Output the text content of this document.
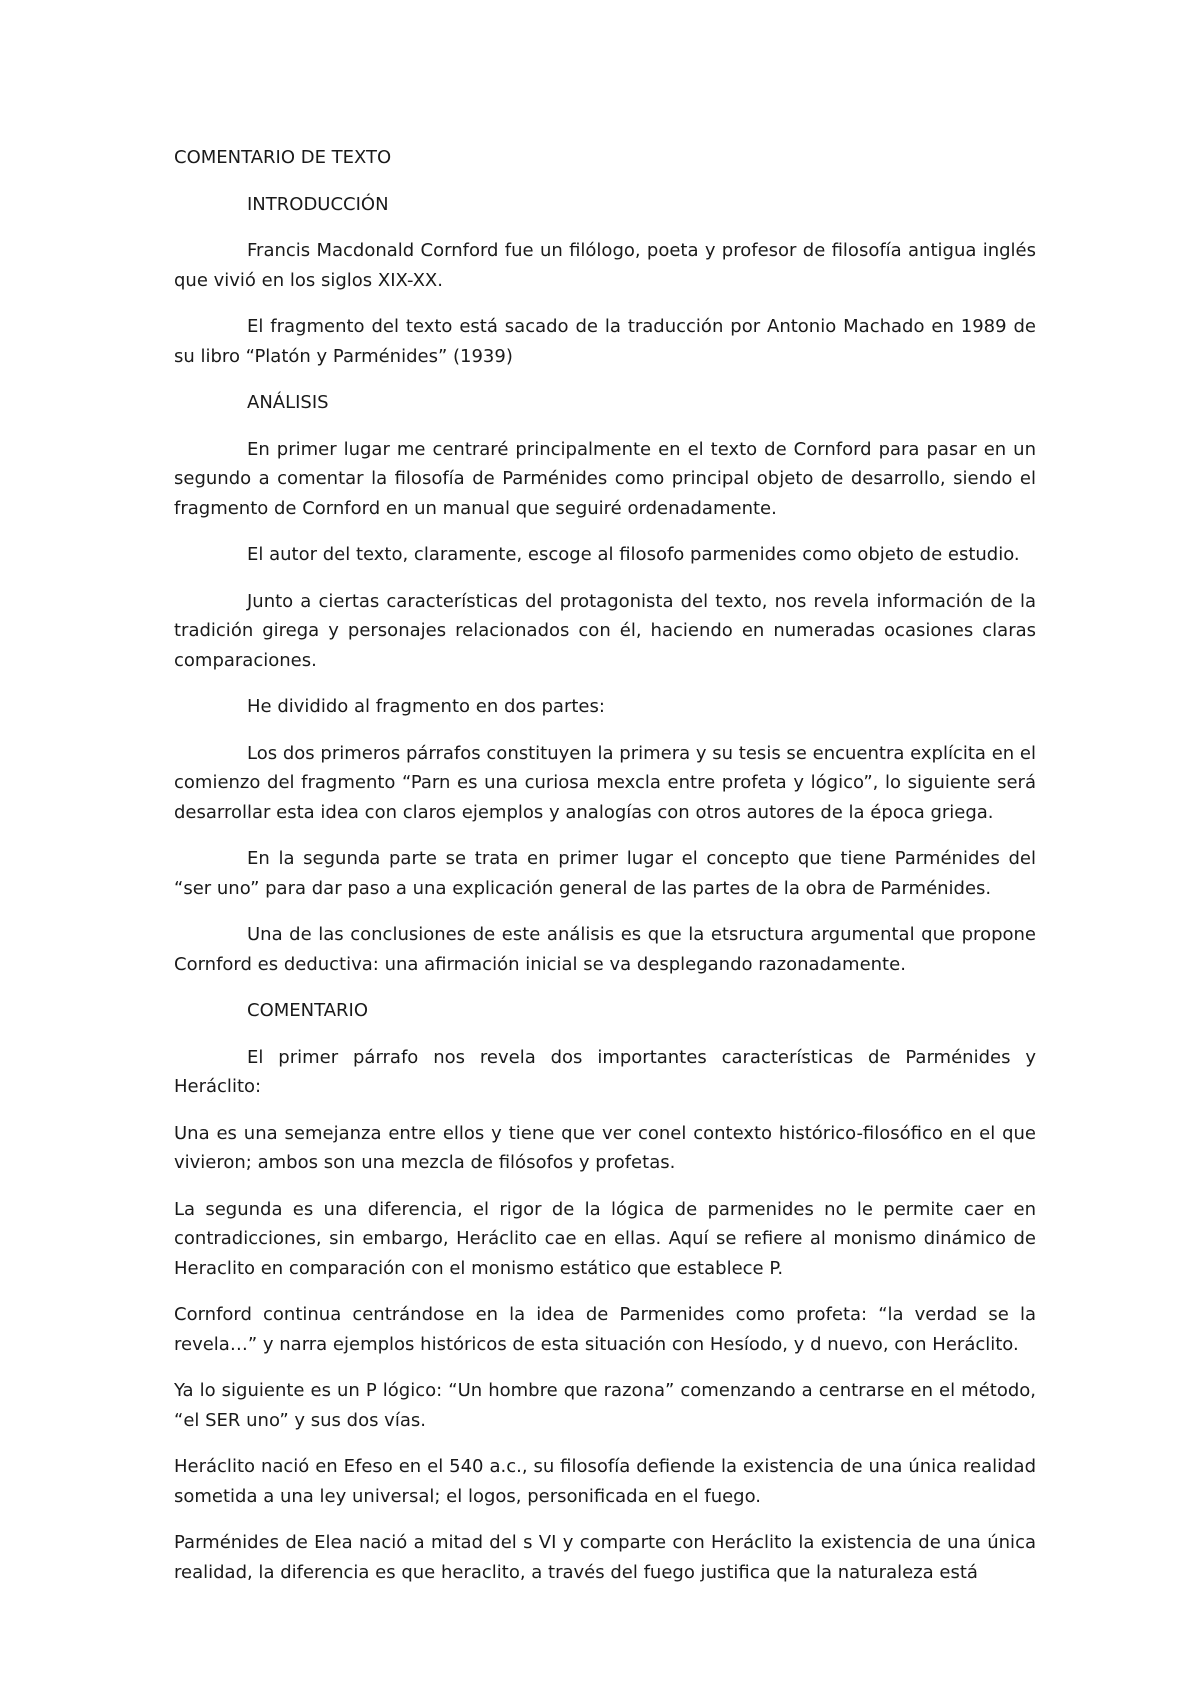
COMENTARIO DE TEXTO

INTRODUCCIÓN

Francis Macdonald Cornford fue un filólogo, poeta y profesor de filosofía antigua inglés que vivió en los siglos XIX-XX.

El fragmento del texto está sacado de la traducción por Antonio Machado en 1989 de su libro “Platón y Parménides” (1939)

ANÁLISIS

En primer lugar me centraré principalmente en el texto de Cornford para pasar en un segundo a comentar la filosofía de Parménides como principal objeto de desarrollo, siendo el fragmento de Cornford en un manual que seguiré ordenadamente.

El autor del texto, claramente, escoge al filosofo parmenides como objeto de estudio.

Junto a ciertas características del protagonista del texto, nos revela información de la tradición girega y personajes relacionados con él, haciendo en numeradas ocasiones claras comparaciones.

He dividido al fragmento en dos partes:

Los dos primeros párrafos constituyen la primera y su tesis se encuentra explícita en el comienzo del fragmento “Parn es una curiosa mexcla entre profeta y lógico”, lo siguiente será desarrollar esta idea con claros ejemplos y analogías con otros autores de la época griega.

En la segunda parte se trata en primer lugar el concepto que tiene Parménides del “ser uno” para dar paso a una explicación general de las partes de la obra de Parménides.

Una de las conclusiones de este análisis es que la etsructura argumental que propone Cornford es deductiva: una afirmación inicial se va desplegando razonadamente.

COMENTARIO

El primer párrafo nos revela dos importantes características de Parménides y Heráclito:

Una es una semejanza entre ellos y tiene que ver conel contexto histórico-filosófico en el que vivieron; ambos son una mezcla de filósofos y profetas.

La segunda es una diferencia, el rigor de la lógica de parmenides no le permite caer en contradicciones, sin embargo, Heráclito cae en ellas. Aquí se refiere al monismo dinámico de Heraclito en comparación con el monismo estático que establece P.

Cornford continua centrándose en la idea de Parmenides como profeta: “la verdad se la revela…” y narra ejemplos históricos de esta situación con Hesíodo, y d nuevo, con Heráclito.

Ya lo siguiente es un P lógico: “Un hombre que razona” comenzando a centrarse en el método, “el SER uno” y sus dos vías.

Heráclito nació en Efeso en el 540 a.c., su filosofía defiende la existencia de una única realidad sometida a una ley universal; el logos, personificada en el fuego.

Parménides de Elea nació a mitad del s VI y comparte con Heráclito la existencia de una única realidad, la diferencia es que heraclito, a través del fuego justifica que la naturaleza está
